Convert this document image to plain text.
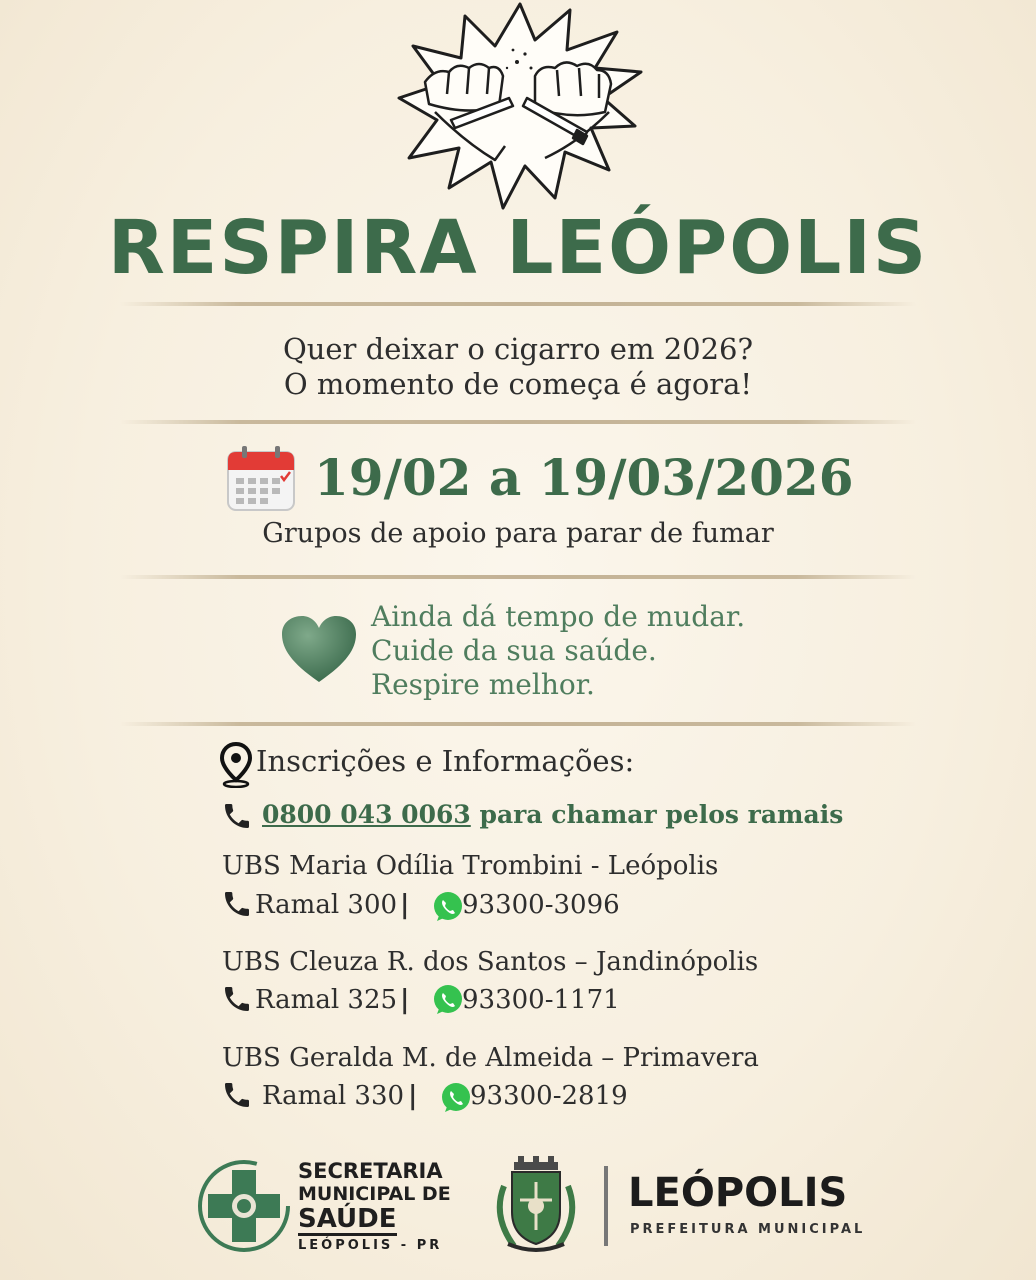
RESPIRA LEÓPOLIS
Quer deixar o cigarro em 2026?
O momento de começa é agora!
19/02 a 19/03/2026
Grupos de apoio para parar de fumar
Ainda dá tempo de mudar.
Cuide da sua saúde.
Respire melhor.
Inscrições e Informações:
0800 043 0063 para chamar pelos ramais
UBS Maria Odília Trombini - Leópolis
Ramal 300 | 93300-3096
UBS Cleuza R. dos Santos – Jandinópolis
Ramal 325 | 93300-1171
UBS Geralda M. de Almeida – Primavera
Ramal 330 | 93300-2819
SECRETARIA
MUNICIPAL DE
SAÚDE
LEÓPOLIS - PR
LEÓPOLIS
PREFEITURA MUNICIPAL
